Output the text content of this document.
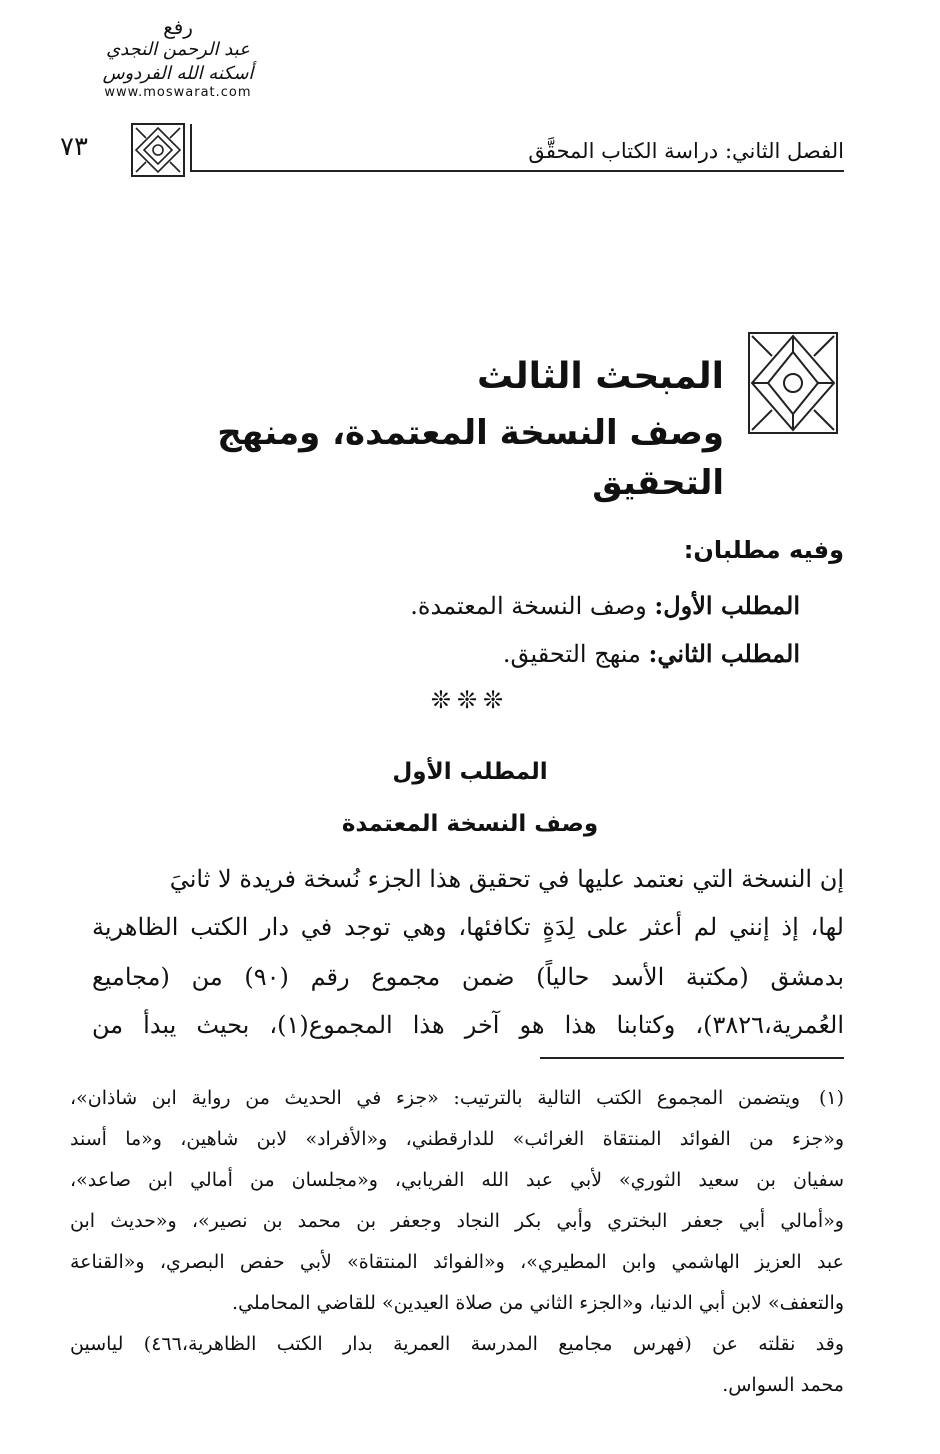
رفع
عبد الرحمن النجدي
أسكنه الله الفردوس
www.moswarat.com
٧٣	الفصل الثاني: دراسة الكتاب المحقَّق
المبحث الثالث
وصف النسخة المعتمدة، ومنهج التحقيق
وفيه مطلبان:
المطلب الأول: وصف النسخة المعتمدة.
المطلب الثاني: منهج التحقيق.
❊❊❊
المطلب الأول
وصف النسخة المعتمدة
إن النسخة التي نعتمد عليها في تحقيق هذا الجزء نُسخة فريدة لا ثانيَ
لها، إذ إنني لم أعثر على لِدَةٍ تكافئها، وهي توجد في دار الكتب الظاهرية
بدمشق (مكتبة الأسد حالياً) ضمن مجموع رقم (٩٠) من (مجاميع
العُمرية،٣٨٢٦)، وكتابنا هذا هو آخر هذا المجموع(١)، بحيث يبدأ من
(١)ويتضمن المجموع الكتب التالية بالترتيب: «جزء في الحديث من رواية ابن شاذان»،
و«جزء من الفوائد المنتقاة الغرائب» للدارقطني، و«الأفراد» لابن شاهين، و«ما أسند
سفيان بن سعيد الثوري» لأبي عبد الله الفريابي، و«مجلسان من أمالي ابن صاعد»،
و«أمالي أبي جعفر البختري وأبي بكر النجاد وجعفر بن محمد بن نصير»، و«حديث ابن
عبد العزيز الهاشمي وابن المطيري»، و«الفوائد المنتقاة» لأبي حفص البصري، و«القناعة
والتعفف» لابن أبي الدنيا، و«الجزء الثاني من صلاة العيدين» للقاضي المحاملي.
وقد نقلته عن (فهرس مجاميع المدرسة العمرية بدار الكتب الظاهرية،٤٦٦) لياسين
محمد السواس.
